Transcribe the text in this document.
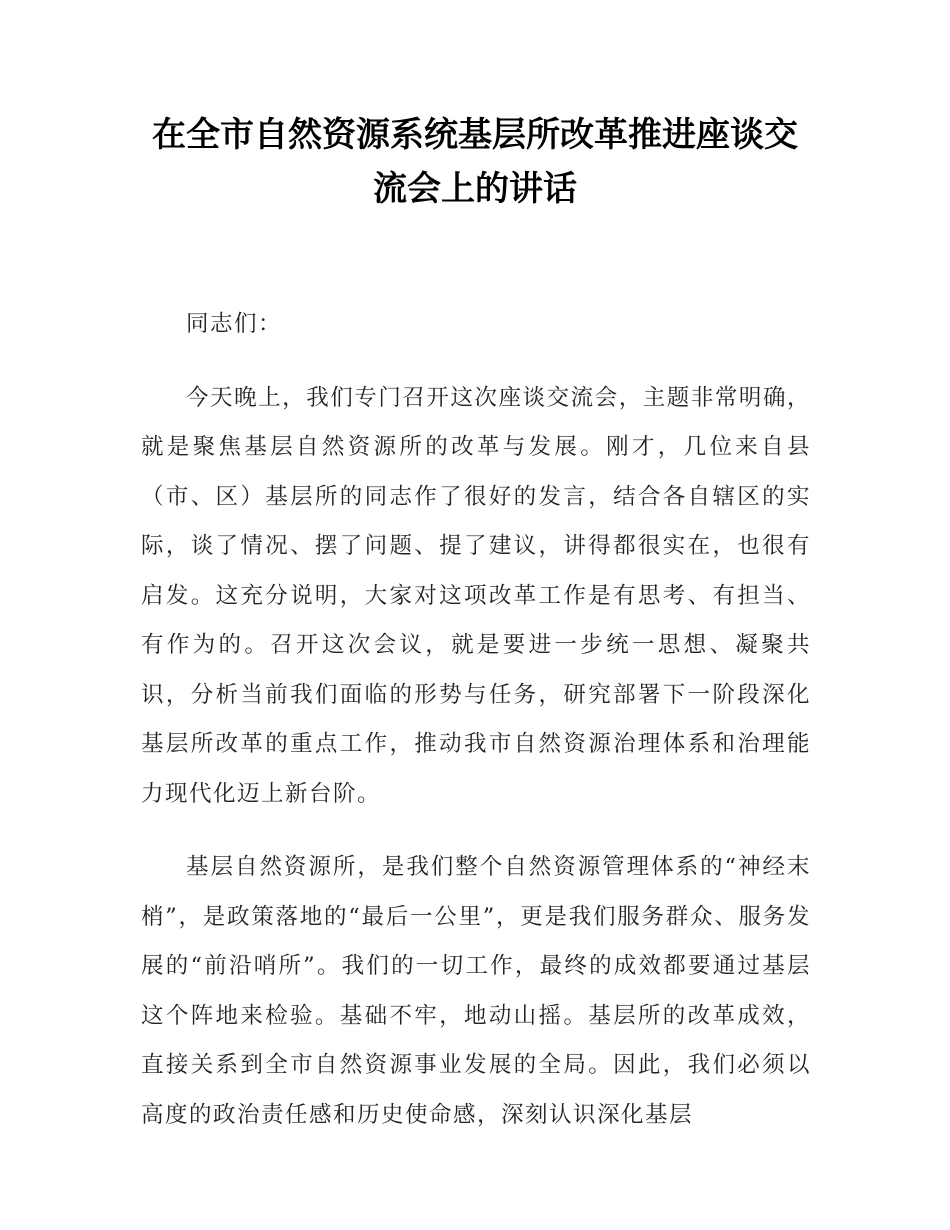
在全市自然资源系统基层所改革推进座谈交
流会上的讲话

同志们：

今天晚上，我们专门召开这次座谈交流会，主题非常明确，就是聚焦基层自然资源所的改革与发展。刚才，几位来自县（市、区）基层所的同志作了很好的发言，结合各自辖区的实际，谈了情况、摆了问题、提了建议，讲得都很实在，也很有启发。这充分说明，大家对这项改革工作是有思考、有担当、有作为的。召开这次会议，就是要进一步统一思想、凝聚共识，分析当前我们面临的形势与任务，研究部署下一阶段深化基层所改革的重点工作，推动我市自然资源治理体系和治理能力现代化迈上新台阶。

基层自然资源所，是我们整个自然资源管理体系的“神经末梢”，是政策落地的“最后一公里”，更是我们服务群众、服务发展的“前沿哨所”。我们的一切工作，最终的成效都要通过基层这个阵地来检验。基础不牢，地动山摇。基层所的改革成效，直接关系到全市自然资源事业发展的全局。因此，我们必须以高度的政治责任感和历史使命感，深刻认识深化基层
